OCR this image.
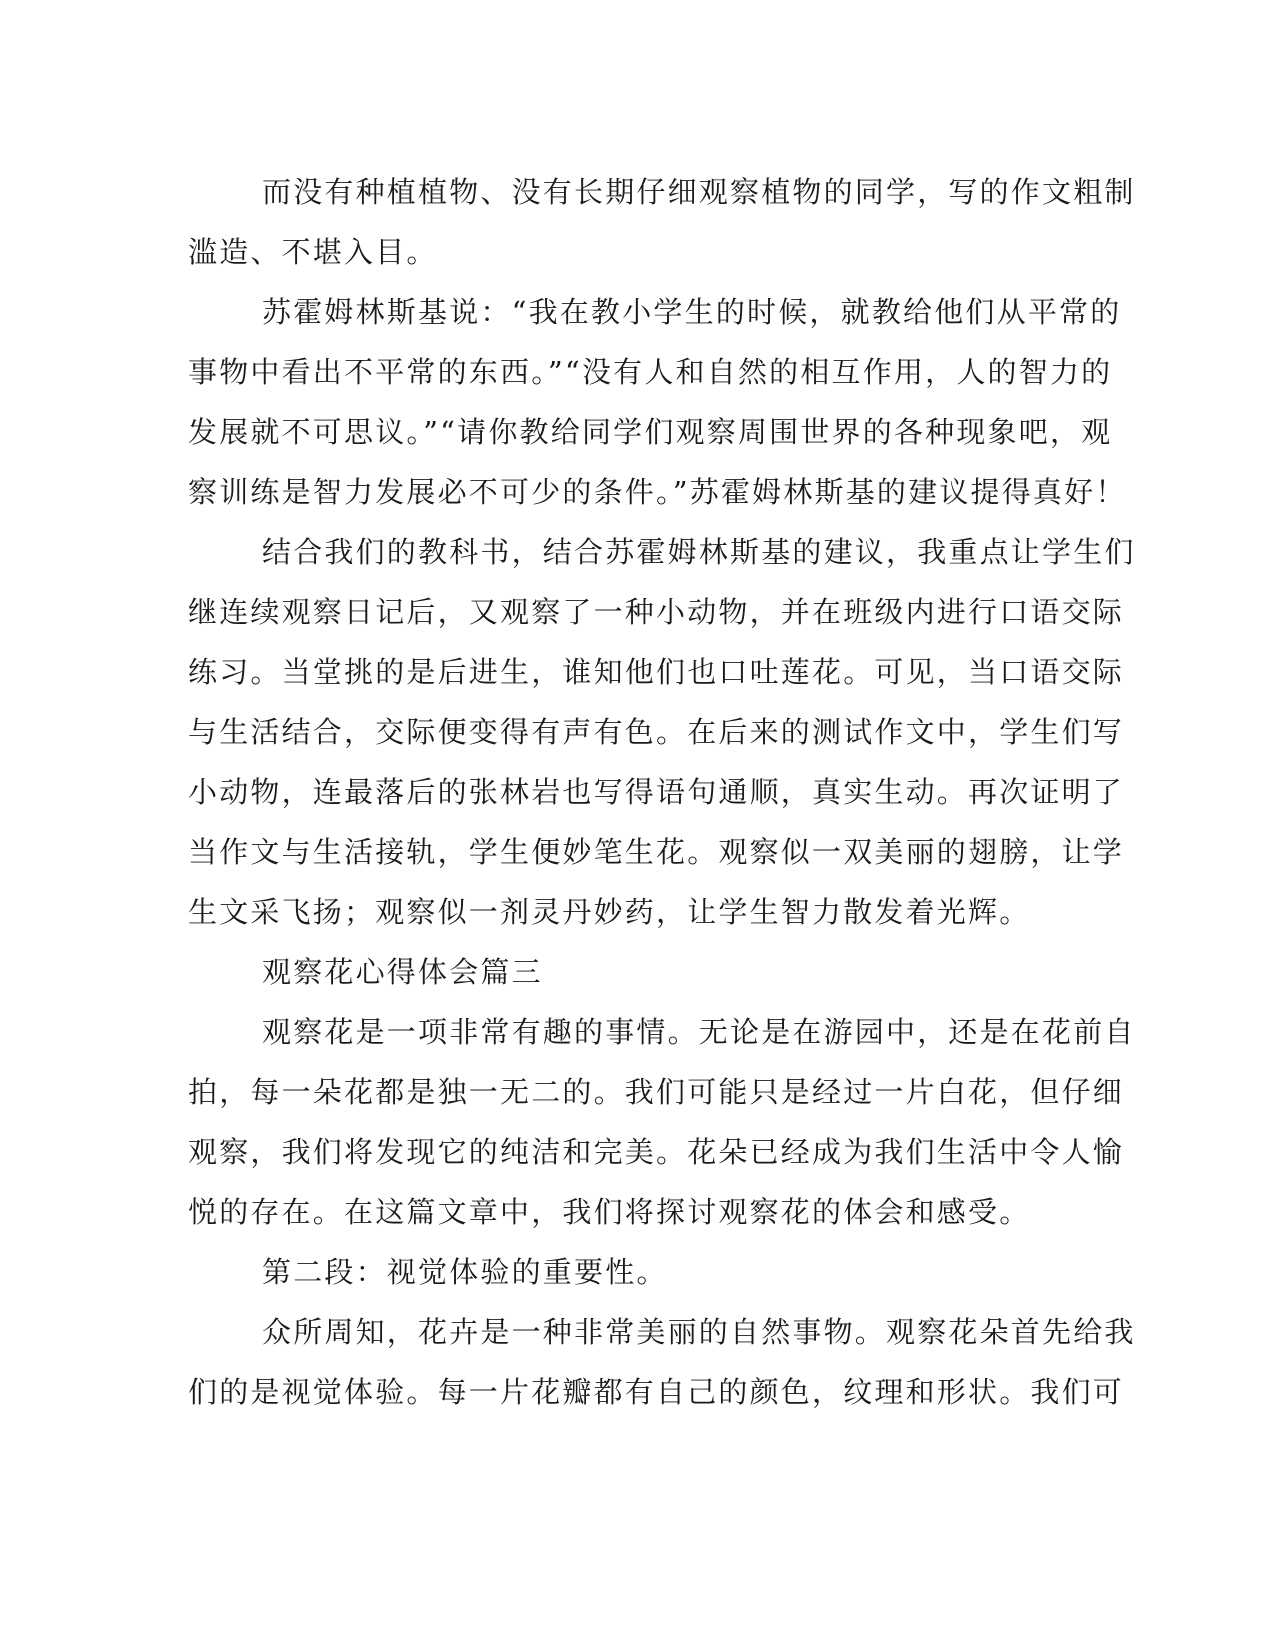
而没有种植植物、没有长期仔细观察植物的同学，写的作文粗制
滥造、不堪入目。
苏霍姆林斯基说：“我在教小学生的时候，就教给他们从平常的
事物中看出不平常的东西。”“没有人和自然的相互作用，人的智力的
发展就不可思议。”“请你教给同学们观察周围世界的各种现象吧，观
察训练是智力发展必不可少的条件。”苏霍姆林斯基的建议提得真好！
结合我们的教科书，结合苏霍姆林斯基的建议，我重点让学生们
继连续观察日记后，又观察了一种小动物，并在班级内进行口语交际
练习。当堂挑的是后进生，谁知他们也口吐莲花。可见，当口语交际
与生活结合，交际便变得有声有色。在后来的测试作文中，学生们写
小动物，连最落后的张林岩也写得语句通顺，真实生动。再次证明了
当作文与生活接轨，学生便妙笔生花。观察似一双美丽的翅膀，让学
生文采飞扬；观察似一剂灵丹妙药，让学生智力散发着光辉。
观察花心得体会篇三
观察花是一项非常有趣的事情。无论是在游园中，还是在花前自
拍，每一朵花都是独一无二的。我们可能只是经过一片白花，但仔细
观察，我们将发现它的纯洁和完美。花朵已经成为我们生活中令人愉
悦的存在。在这篇文章中，我们将探讨观察花的体会和感受。
第二段：视觉体验的重要性。
众所周知，花卉是一种非常美丽的自然事物。观察花朵首先给我
们的是视觉体验。每一片花瓣都有自己的颜色，纹理和形状。我们可
